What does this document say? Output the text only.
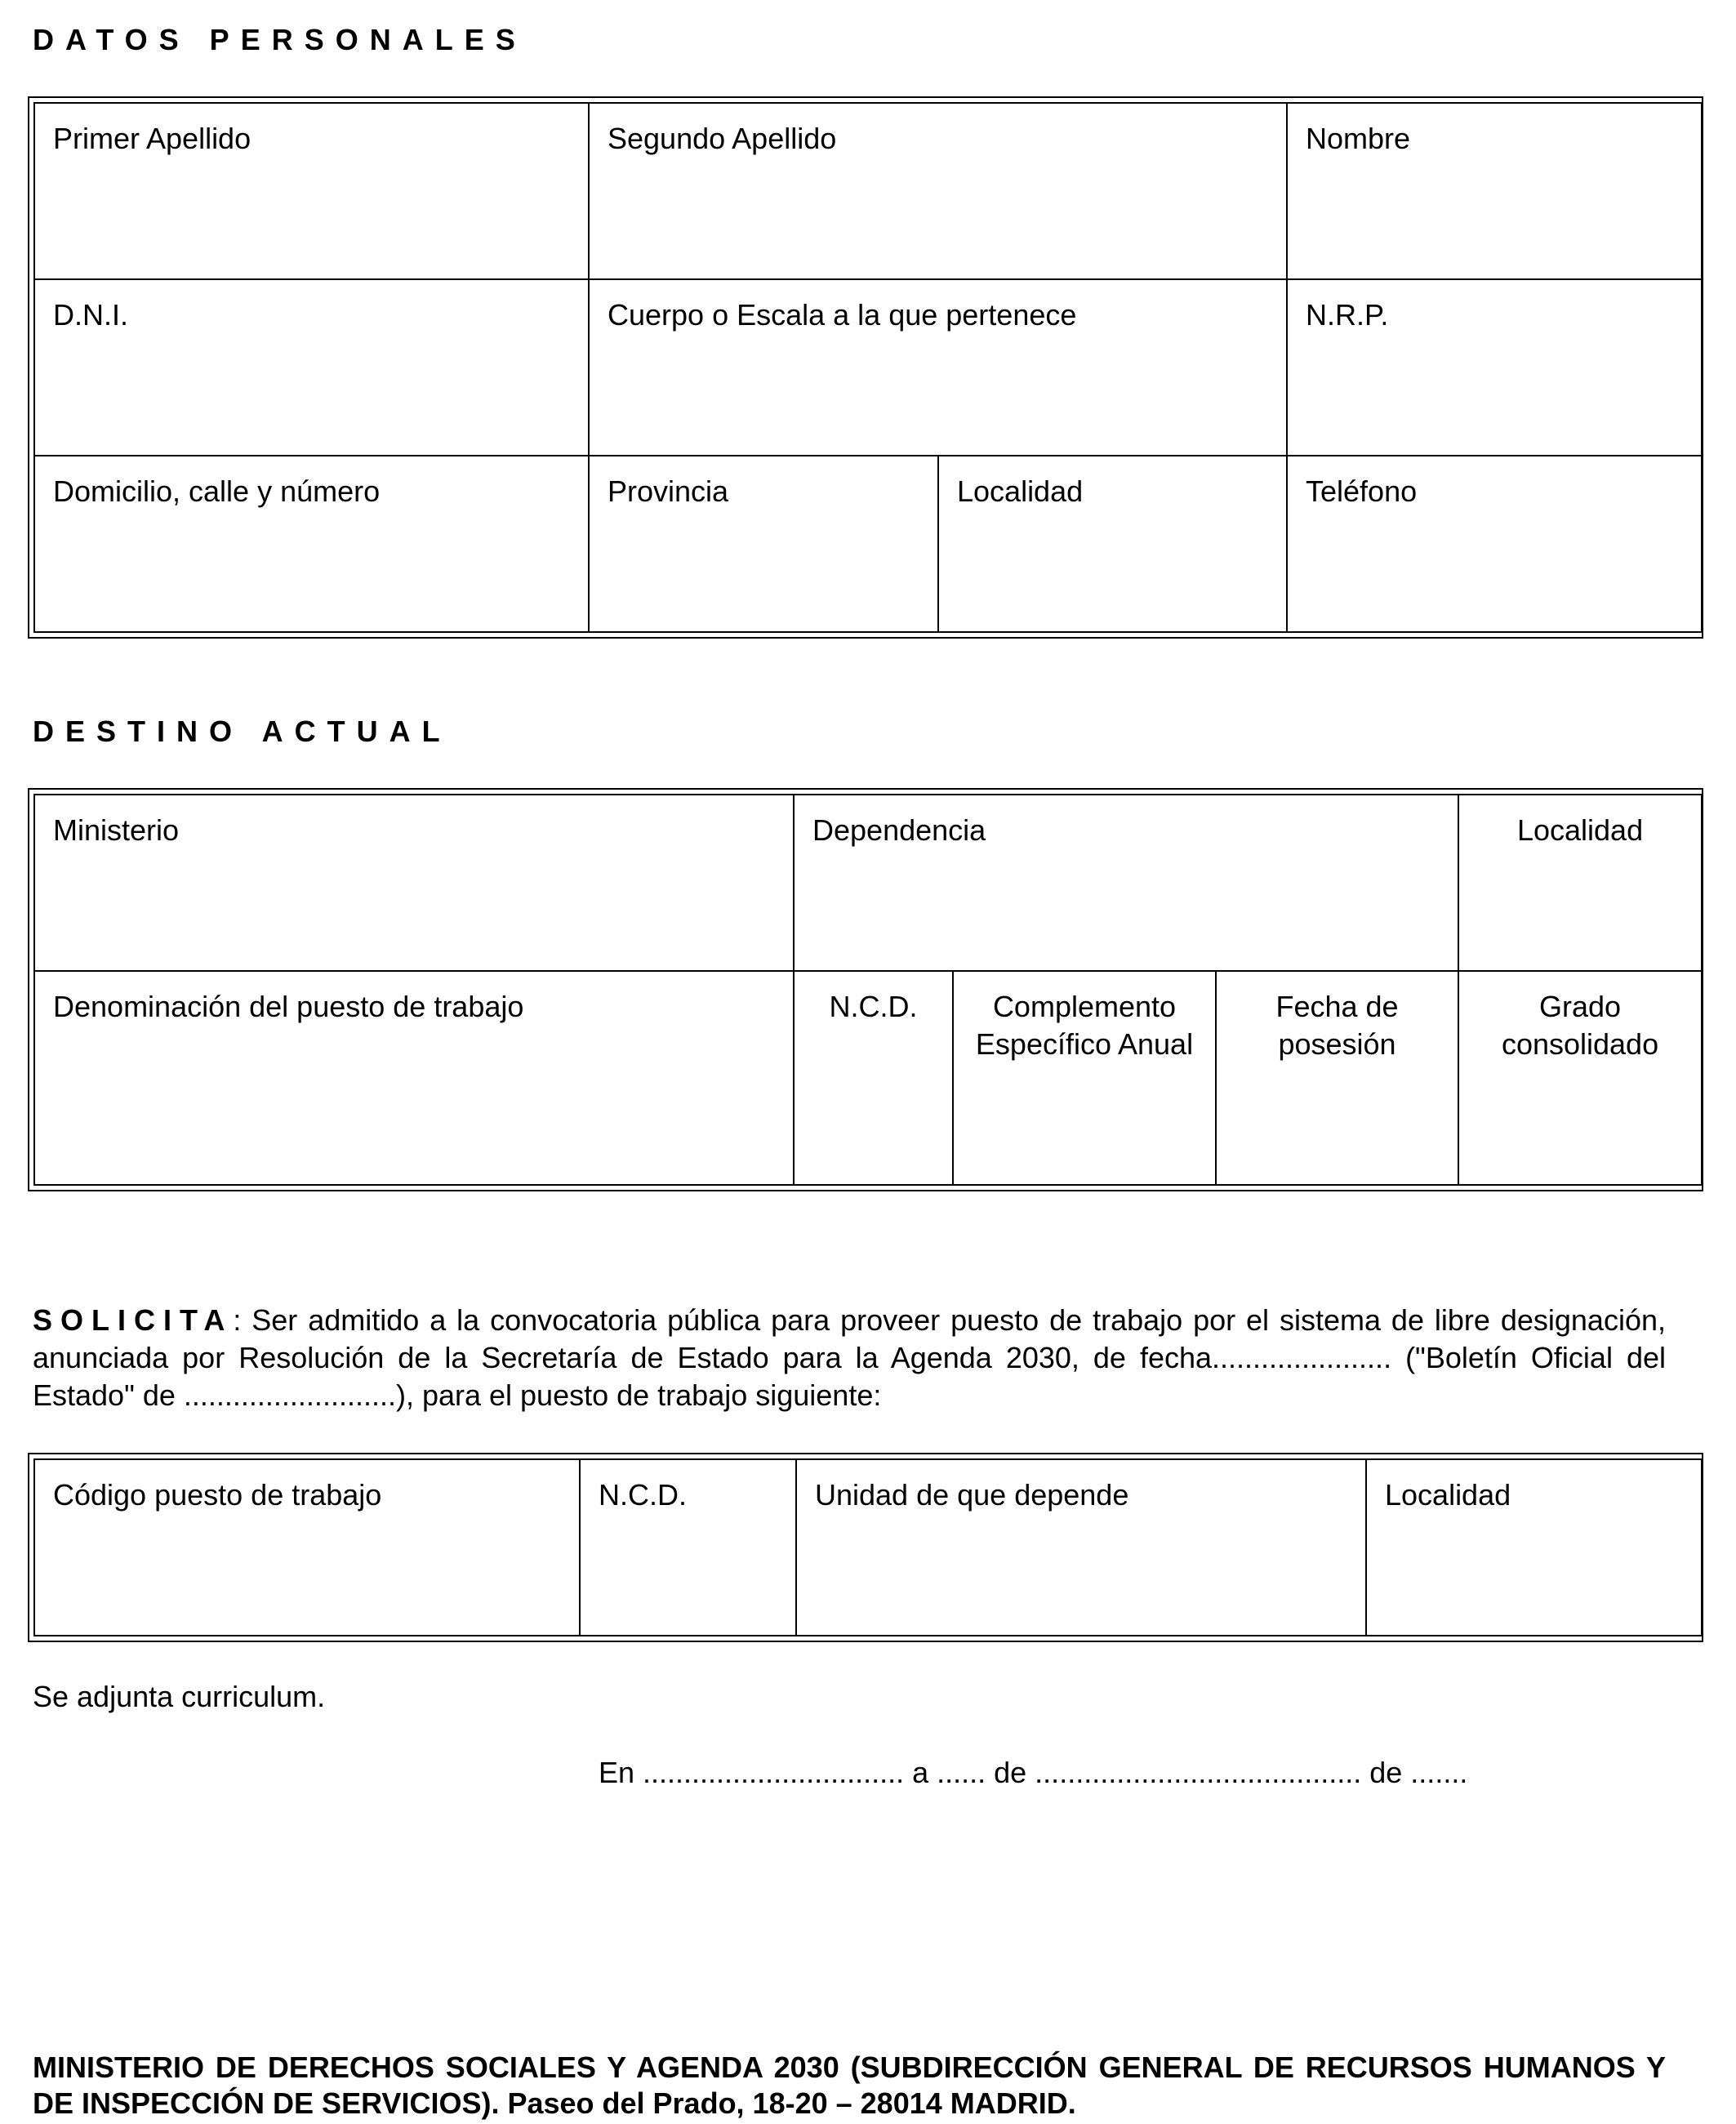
DATOS PERSONALES
Primer Apellido	Segundo Apellido		Nombre
D.N.I.	Cuerpo o Escala a la que pertenece		N.R.P.
Domicilio, calle y número	Provincia	Localidad	Teléfono
DESTINO ACTUAL
Ministerio	Dependencia			Localidad
Denominación del puesto de trabajo	N.C.D.	Complemento Específico Anual	Fecha de posesión	Grado consolidado
SOLICITA: Ser admitido a la convocatoria pública para proveer puesto de trabajo por el sistema de libre designación, anunciada por Resolución de la Secretaría de Estado para la Agenda 2030, de fecha...................... ("Boletín Oficial del Estado" de ..........................), para el puesto de trabajo siguiente:
Código puesto de trabajo	N.C.D.	Unidad de que depende	Localidad
Se adjunta curriculum.
En ................................ a ...... de ........................................ de .......
MINISTERIO DE DERECHOS SOCIALES Y AGENDA 2030 (SUBDIRECCIÓN GENERAL DE RECURSOS HUMANOS Y DE INSPECCIÓN DE SERVICIOS). Paseo del Prado, 18-20 – 28014 MADRID.
